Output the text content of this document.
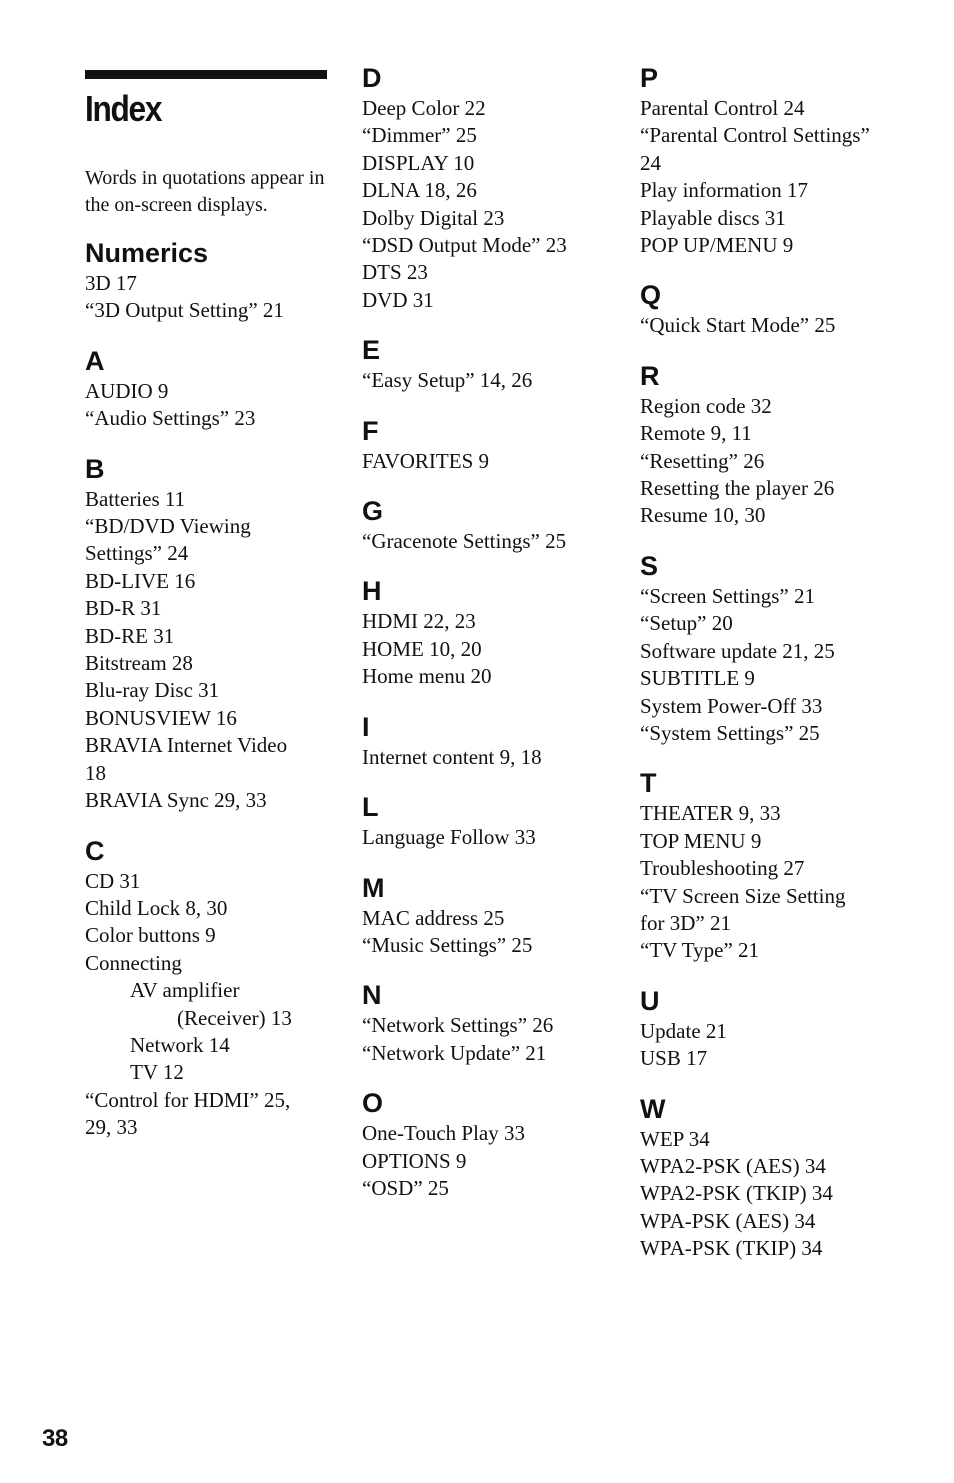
Index
Words in quotations appear in the on-screen displays.
Numerics
3D 17
“3D Output Setting” 21
A
AUDIO 9
“Audio Settings” 23
B
Batteries 11
“BD/DVD Viewing
Settings” 24
BD-LIVE 16
BD-R 31
BD-RE 31
Bitstream 28
Blu-ray Disc 31
BONUSVIEW 16
BRAVIA Internet Video
18
BRAVIA Sync 29, 33
C
CD 31
Child Lock 8, 30
Color buttons 9
Connecting
AV amplifier
(Receiver) 13
Network 14
TV 12
“Control for HDMI” 25,
29, 33
D
Deep Color 22
“Dimmer” 25
DISPLAY 10
DLNA 18, 26
Dolby Digital 23
“DSD Output Mode” 23
DTS 23
DVD 31
E
“Easy Setup” 14, 26
F
FAVORITES 9
G
“Gracenote Settings” 25
H
HDMI 22, 23
HOME 10, 20
Home menu 20
I
Internet content 9, 18
L
Language Follow 33
M
MAC address 25
“Music Settings” 25
N
“Network Settings” 26
“Network Update” 21
O
One-Touch Play 33
OPTIONS 9
“OSD” 25
P
Parental Control 24
“Parental Control Settings”
24
Play information 17
Playable discs 31
POP UP/MENU 9
Q
“Quick Start Mode” 25
R
Region code 32
Remote 9, 11
“Resetting” 26
Resetting the player 26
Resume 10, 30
S
“Screen Settings” 21
“Setup” 20
Software update 21, 25
SUBTITLE 9
System Power-Off 33
“System Settings” 25
T
THEATER 9, 33
TOP MENU 9
Troubleshooting 27
“TV Screen Size Setting
for 3D” 21
“TV Type” 21
U
Update 21
USB 17
W
WEP 34
WPA2-PSK (AES) 34
WPA2-PSK (TKIP) 34
WPA-PSK (AES) 34
WPA-PSK (TKIP) 34
38
